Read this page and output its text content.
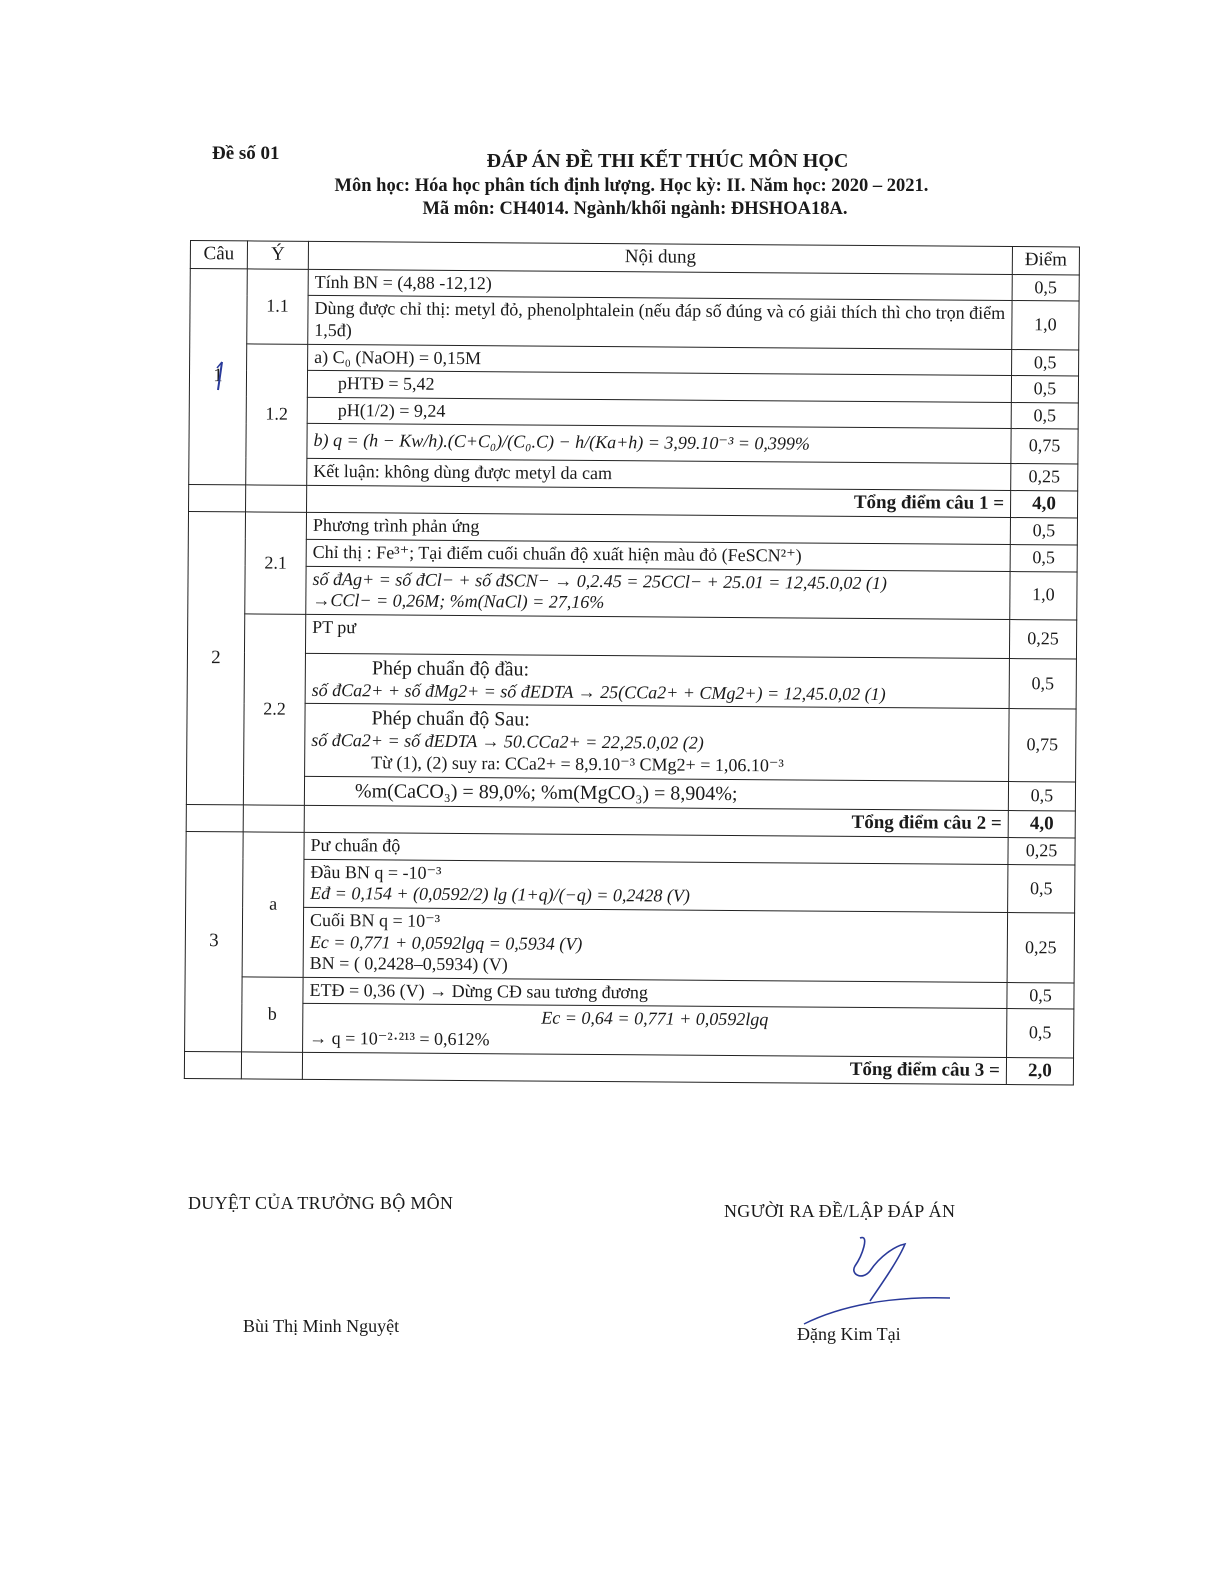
Đề số 01	ĐÁP ÁN ĐỀ THI KẾT THÚC MÔN HỌC
Môn học: Hóa học phân tích định lượng. Học kỳ: II. Năm học: 2020 – 2021.
Mã môn: CH4014. Ngành/khối ngành: ĐHSHOA18A.
Câu	Ý	Nội dung	Điểm
1	1.1	Tính BN = (4,88 -12,12)	0,5
		Dùng được chỉ thị: metyl đỏ, phenolphtalein (nếu đáp số đúng và có giải thích thì cho trọn điểm 1,5đ)	1,0
	1.2	a) C₀ (NaOH) = 0,15M	0,5
		pHTĐ = 5,42	0,5
		pH(1/2) = 9,24	0,5
		b) q = (h − Kw/h).(C+C₀)/(C₀.C) − h/(Ka+h) = 3,99.10⁻³ = 0,399%	0,75
		Kết luận: không dùng được metyl da cam	0,25
		Tổng điểm câu 1 =	4,0
2	2.1	Phương trình phản ứng	0,5
		Chỉ thị : Fe³⁺; Tại điểm cuối chuẩn độ xuất hiện màu đỏ (FeSCN²⁺)	0,5

		số đAg+ = số đCl− + số đSCN− → 0,2.45 = 25CCl− + 25.01 = 12,45.0,02 (1)
→CCl− = 0,26M; %m(NaCl) = 27,16%	1,0
	2.2	PT pư	0,25

		Phép chuẩn độ đầu:
số đCa2+ + số đMg2+ = số đEDTA → 25(CCa2+ + CMg2+) = 12,45.0,02 (1)	0,5

		Phép chuẩn độ Sau:
số đCa2+ = số đEDTA → 50.CCa2+ = 22,25.0,02 (2)
Từ (1), (2) suy ra: CCa2+ = 8,9.10⁻³ CMg2+ = 1,06.10⁻³	0,75
		%m(CaCO₃) = 89,0%; %m(MgCO₃) = 8,904%;	0,5
		Tổng điểm câu 2 =	4,0
3	a	Pư chuẩn độ	0,25

		Đầu BN q = -10⁻³
Eđ = 0,154 + (0,0592/2) lg (1+q)/(−q) = 0,2428 (V)	0,5

		Cuối BN q = 10⁻³
Ec = 0,771 + 0,0592lgq = 0,5934 (V)
BN = ( 0,2428–0,5934) (V)	0,25
	b	ETĐ = 0,36 (V) → Dừng CĐ sau tương đương	0,5

		Ec = 0,64 = 0,771 + 0,0592lgq
→ q = 10⁻²·²¹³ = 0,612%	0,5
		Tổng điểm câu 3 =	2,0
DUYỆT CỦA TRƯỞNG BỘ MÔN	NGƯỜI RA ĐỀ/LẬP ĐÁP ÁN
Bùi Thị Minh Nguyệt	Đặng Kim Tại
